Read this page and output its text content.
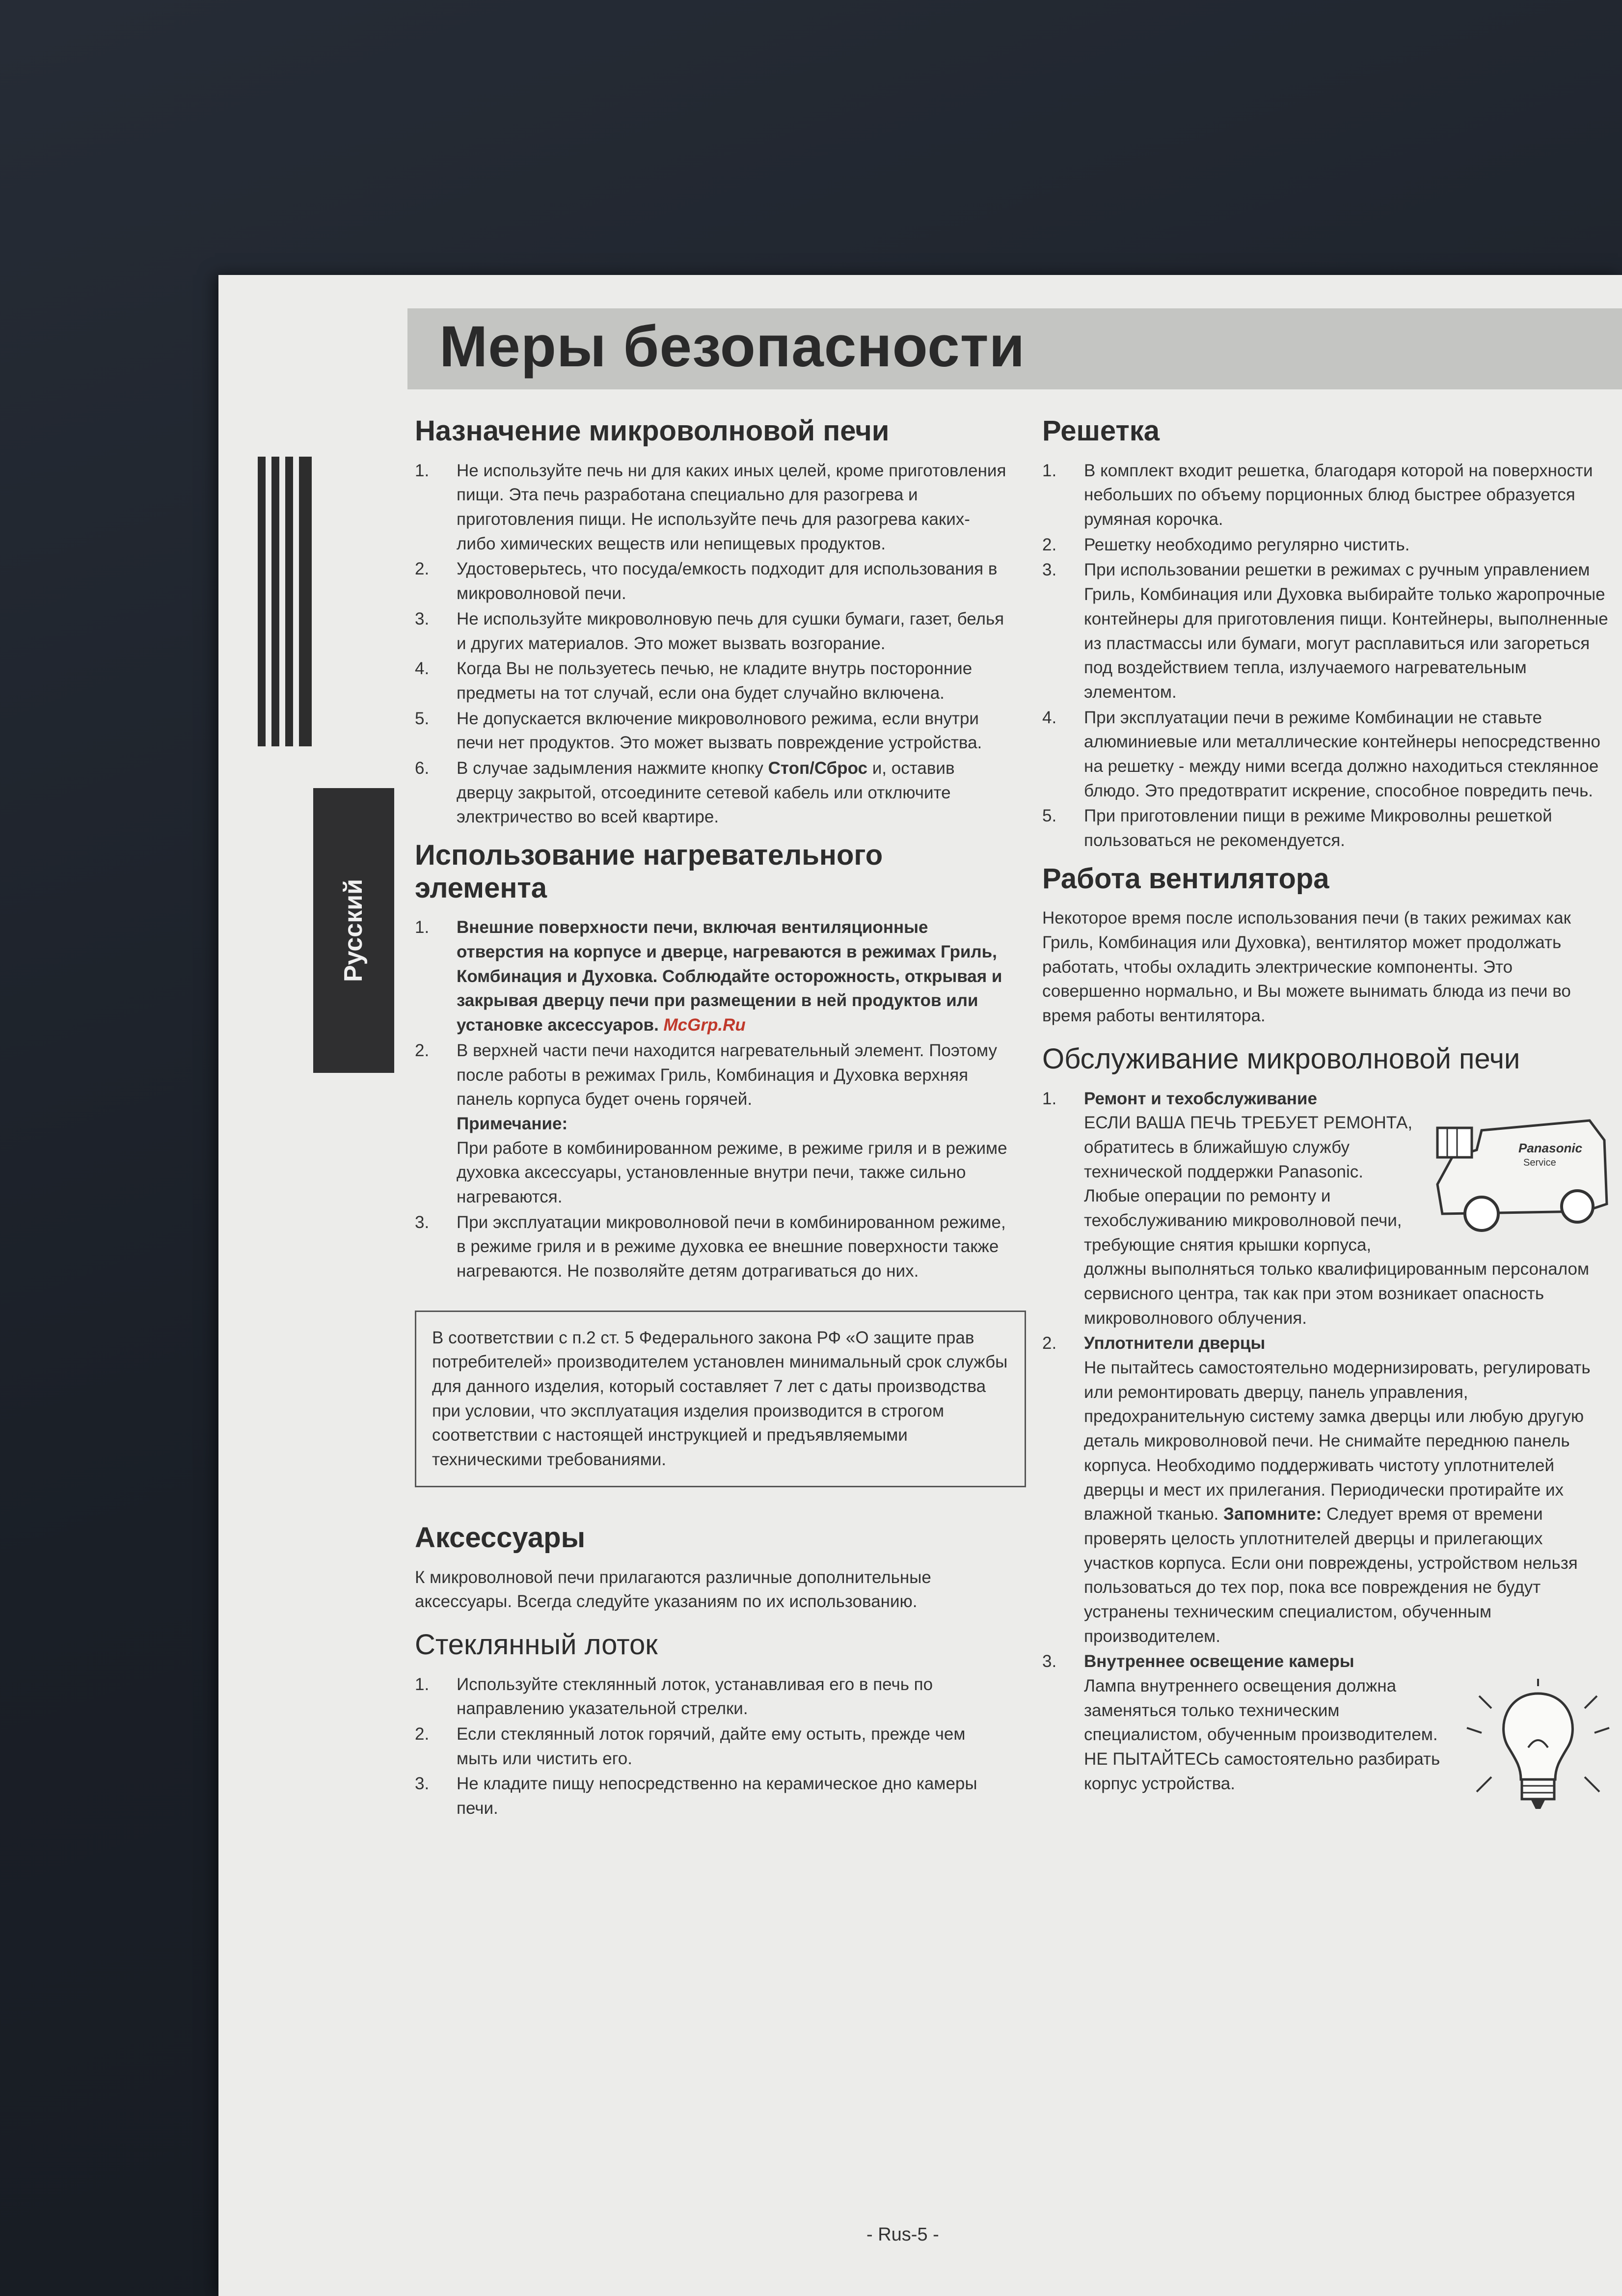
Меры безопасности
Русский
Назначение микроволновой печи
1.	Не используйте печь ни для каких иных целей, кроме приготовления пищи. Эта печь разработана специально для разогрева и приготовления пищи. Не используйте печь для разогрева каких-либо химических веществ или непищевых продуктов.
2.	Удостоверьтесь, что посуда/емкость подходит для использования в микроволновой печи.
3.	Не используйте микроволновую печь для сушки бумаги, газет, белья и других материалов. Это может вызвать возгорание.
4.	Когда Вы не пользуетесь печью, не кладите внутрь посторонние предметы на тот случай, если она будет случайно включена.
5.	Не допускается включение микроволнового режима, если внутри печи нет продуктов. Это может вызвать повреждение устройства.
6.	В случае задымления нажмите кнопку Стоп/Сброс и, оставив дверцу закрытой, отсоедините сетевой кабель или отключите электричество во всей квартире.
Использование нагревательного элемента
1.	Внешние поверхности печи, включая вентиляционные отверстия на корпусе и дверце, нагреваются в режимах Гриль, Комбинация и Духовка. Соблюдайте осторожность, открывая и закрывая дверцу печи при размещении в ней продуктов или установке аксессуаров. McGrp.Ru
2.	В верхней части печи находится нагревательный элемент. Поэтому после работы в режимах Гриль, Комбинация и Духовка верхняя панель корпуса будет очень горячей.
Примечание:
При работе в комбинированном режиме, в режиме гриля и в режиме духовка аксессуары, установленные внутри печи, также сильно нагреваются.
3.	При эксплуатации микроволновой печи в комбинированном режиме, в режиме гриля и в режиме духовка ее внешние поверхности также нагреваются. Не позволяйте детям дотрагиваться до них.
В соответствии с п.2 ст. 5 Федерального закона РФ «О защите прав потребителей» производителем установлен минимальный срок службы для данного изделия, который составляет 7 лет с даты производства при условии, что эксплуатация изделия производится в строгом соответствии с настоящей инструкцией и предъявляемыми техническими требованиями.
Аксессуары

К микроволновой печи прилагаются различные дополнительные аксессуары. Всегда следуйте указаниям по их использованию.

Стеклянный лоток
1.	Используйте стеклянный лоток, устанавливая его в печь по направлению указательной стрелки.
2.	Если стеклянный лоток горячий, дайте ему остыть, прежде чем мыть или чистить его.
3.	Не кладите пищу непосредственно на керамическое дно камеры печи.
Решетка
1.	В комплект входит решетка, благодаря которой на поверхности небольших по объему порционных блюд быстрее образуется румяная корочка.
2.	Решетку необходимо регулярно чистить.
3.	При использовании решетки в режимах с ручным управлением Гриль, Комбинация или Духовка выбирайте только жаропрочные контейнеры для приготовления пищи. Контейнеры, выполненные из пластмассы или бумаги, могут расплавиться или загореться под воздействием тепла, излучаемого нагревательным элементом.
4.	При эксплуатации печи в режиме Комбинации не ставьте алюминиевые или металлические контейнеры непосредственно на решетку - между ними всегда должно находиться стеклянное блюдо. Это предотвратит искрение, способное повредить печь.
5.	При приготовлении пищи в режиме Микроволны решеткой пользоваться не рекомендуется.
Работа вентилятора

Некоторое время после использования печи (в таких режимах как Гриль, Комбинация или Духовка), вентилятор может продолжать работать, чтобы охладить электрические компоненты. Это совершенно нормально, и Вы можете вынимать блюда из печи во время работы вентилятора.

Обслуживание микроволновой печи
1.	Ремонт и техобслуживание
Panasonic
Service
ЕСЛИ ВАША ПЕЧЬ ТРЕБУЕТ РЕМОНТА, обратитесь в ближайшую службу технической поддержки Panasonic. Любые операции по ремонту и техобслуживанию микроволновой печи, требующие снятия крышки корпуса, должны выполняться только квалифицированным персоналом сервисного центра, так как при этом возникает опасность микроволнового облучения.
2.	Уплотнители дверцы
Не пытайтесь самостоятельно модернизировать, регулировать или ремонтировать дверцу, панель управления, предохранительную систему замка дверцы или любую другую деталь микроволновой печи. Не снимайте переднюю панель корпуса. Необходимо поддерживать чистоту уплотнителей дверцы и мест их прилегания. Периодически протирайте их влажной тканью. Запомните: Следует время от времени проверять целость уплотнителей дверцы и прилегающих участков корпуса. Если они повреждены, устройством нельзя пользоваться до тех пор, пока все повреждения не будут устранены техническим специалистом, обученным производителем.
3.	Внутреннее освещение камеры
Лампа внутреннего освещения должна заменяться только техническим специалистом, обученным производителем. НЕ ПЫТАЙТЕСЬ самостоятельно разбирать корпус устройства.
- Rus-5 -
